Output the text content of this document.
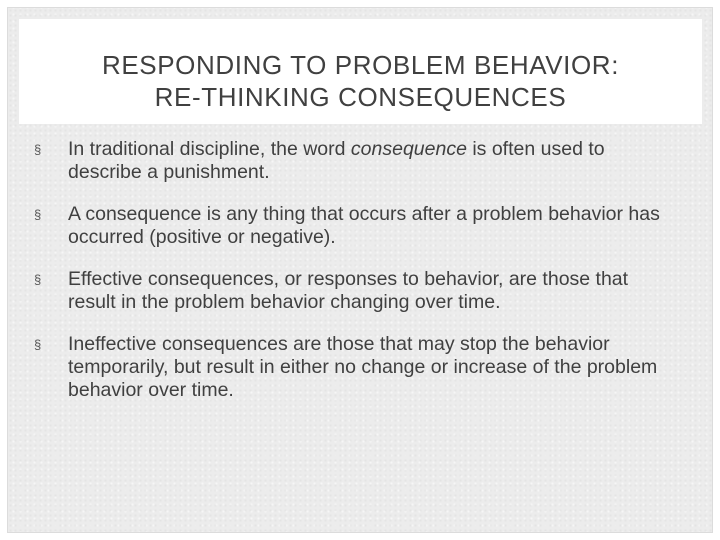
RESPONDING TO PROBLEM BEHAVIOR:
RE-THINKING CONSEQUENCES
§ In traditional discipline, the word consequence is often used to describe a punishment.
§ A consequence is any thing that occurs after a problem behavior has occurred (positive or negative).
§ Effective consequences, or responses to behavior, are those that result in the problem behavior changing over time.
§ Ineffective consequences are those that may stop the behavior temporarily, but result in either no change or increase of the problem behavior over time.
